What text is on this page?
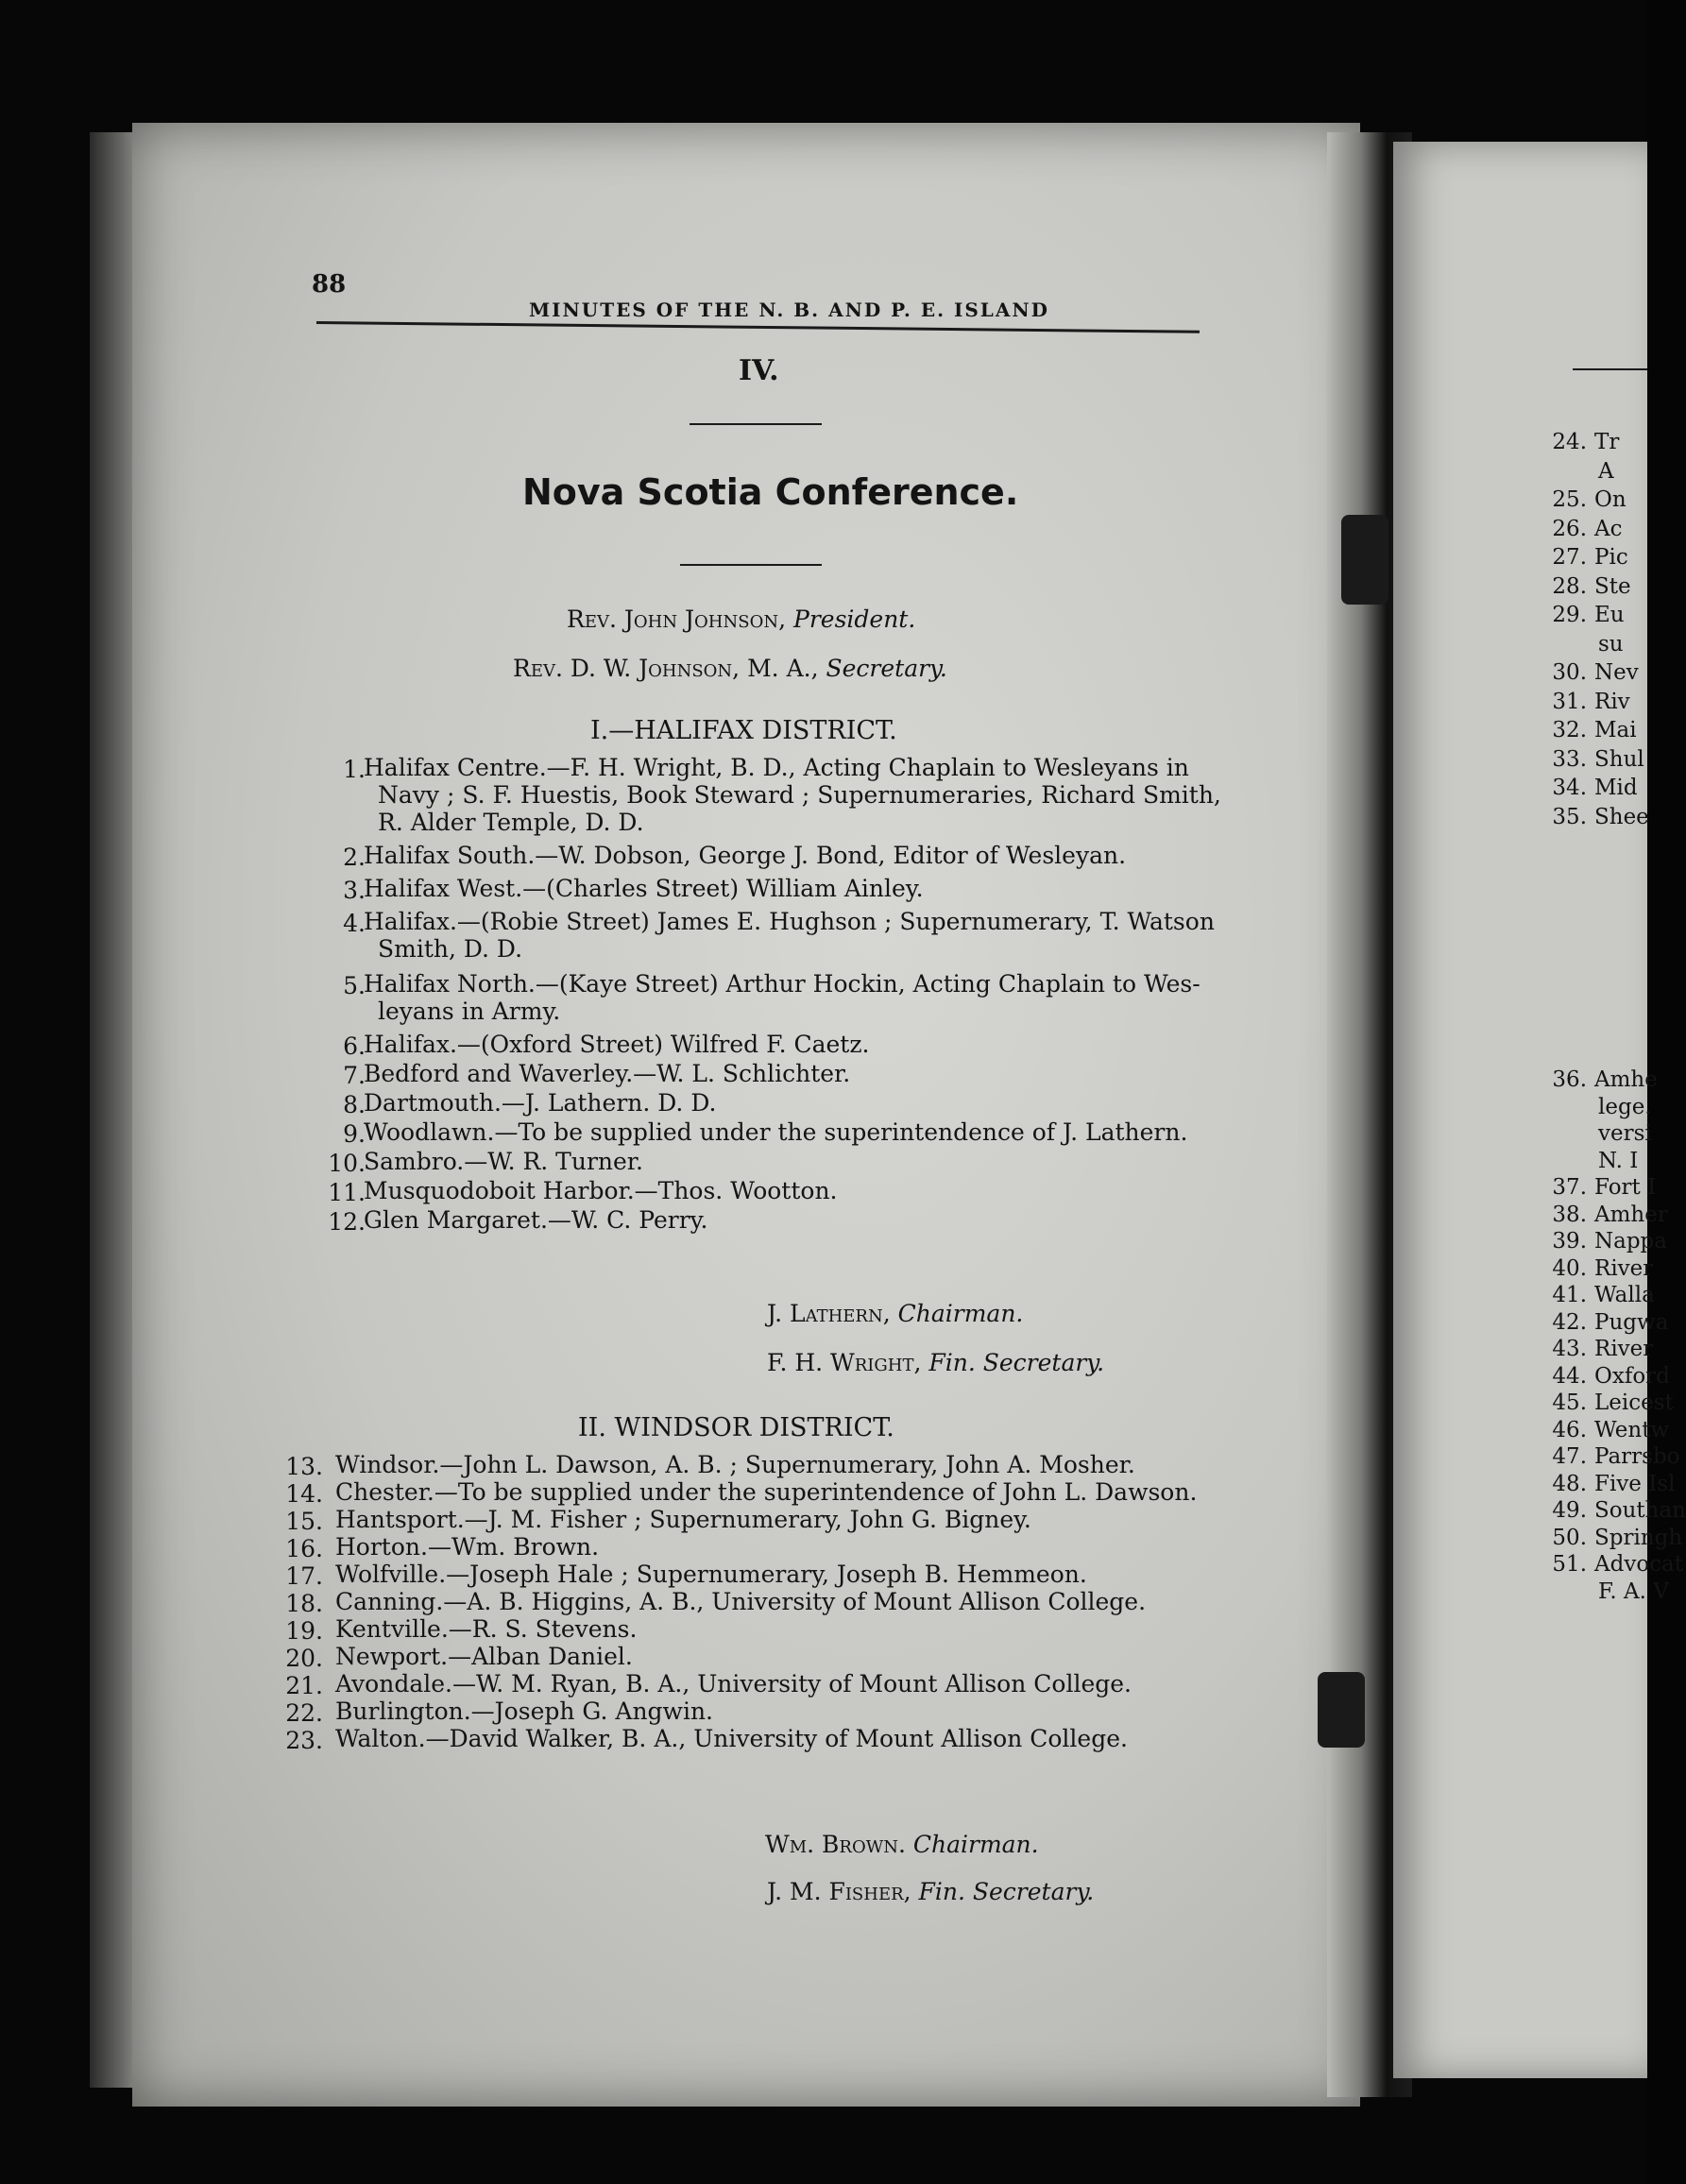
88
MINUTES OF THE N. B. AND P. E. ISLAND
IV.
Nova Scotia Conference.
Rev. John Johnson, President.
Rev. D. W. Johnson, M. A., Secretary.
I.—HALIFAX DISTRICT.
1.
Halifax Centre.—F. H. Wright, B. D., Acting Chaplain to Wesleyans in
Navy ; S. F. Huestis, Book Steward ; Supernumeraries, Richard Smith,
R. Alder Temple, D. D.
2.
Halifax South.—W. Dobson, George J. Bond, Editor of Wesleyan.
3.
Halifax West.—(Charles Street) William Ainley.
4.
Halifax.—(Robie Street) James E. Hughson ; Supernumerary, T. Watson
Smith, D. D.
5.
Halifax North.—(Kaye Street) Arthur Hockin, Acting Chaplain to Wes-
leyans in Army.
6.
Halifax.—(Oxford Street) Wilfred F. Caetz.
7.
Bedford and Waverley.—W. L. Schlichter.
8.
Dartmouth.—J. Lathern. D. D.
9.
Woodlawn.—To be supplied under the superintendence of J. Lathern.
10.
Sambro.—W. R. Turner.
11.
Musquodoboit Harbor.—Thos. Wootton.
12.
Glen Margaret.—W. C. Perry.
J. Lathern, Chairman.
F. H. Wright, Fin. Secretary.
II. WINDSOR DISTRICT.
13. Windsor.—John L. Dawson, A. B. ; Supernumerary, John A. Mosher.
14. Chester.—To be supplied under the superintendence of John L. Dawson.
15. Hantsport.—J. M. Fisher ; Supernumerary, John G. Bigney.
16. Horton.—Wm. Brown.
17. Wolfville.—Joseph Hale ; Supernumerary, Joseph B. Hemmeon.
18. Canning.—A. B. Higgins, A. B., University of Mount Allison College.
19. Kentville.—R. S. Stevens.
20. Newport.—Alban Daniel.
21. Avondale.—W. M. Ryan, B. A., University of Mount Allison College.
22. Burlington.—Joseph G. Angwin.
23. Walton.—David Walker, B. A., University of Mount Allison College.
Wm. Brown. Chairman.
J. M. Fisher, Fin. Secretary.
24. Tr
A
25. On
26. Ac
27. Pic
28. Ste
29. Eu
su
30. Nev
31. Riv
32. Mai
33. Shul
34. Mid
35. Shee
36. Amhe
lege.
versi
N. I
37. Fort I
38. Amher
39. Nappa
40. River
41. Walla
42. Pugwa
43. River
44. Oxford
45. Leicest
46. Wentw
47. Parrsbo
48. Five Isl
49. Southan
50. Springh
51. Advocat
F. A. V
